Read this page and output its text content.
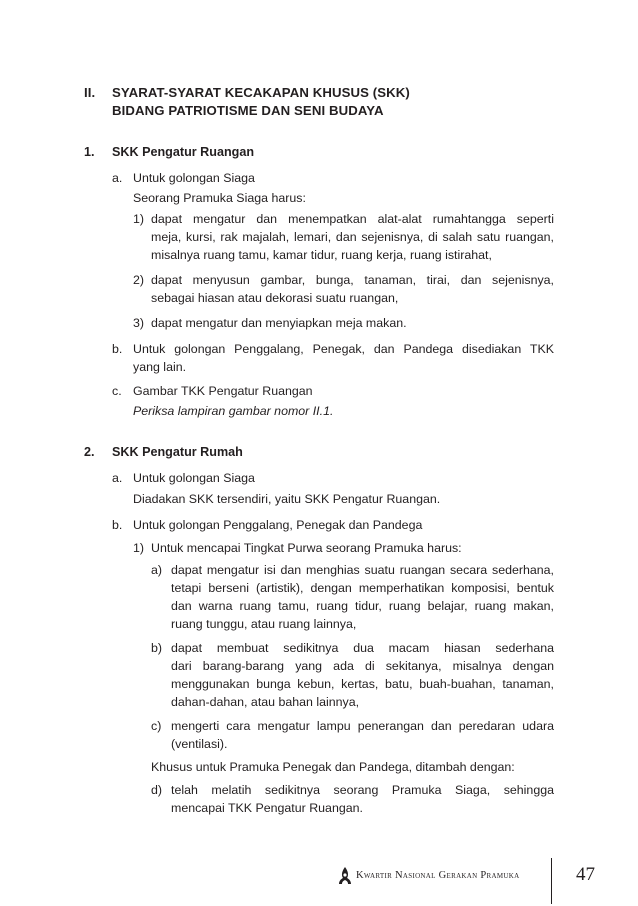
II. SYARAT-SYARAT KECAKAPAN KHUSUS (SKK)
BIDANG PATRIOTISME DAN SENI BUDAYA
1. SKK Pengatur Ruangan
a. Untuk golongan Siaga
Seorang Pramuka Siaga harus:
1) dapat mengatur dan menempatkan alat-alat rumahtangga seperti
meja, kursi, rak majalah, lemari, dan sejenisnya, di salah satu ruangan,
misalnya ruang tamu, kamar tidur, ruang kerja, ruang istirahat,
2) dapat menyusun gambar, bunga, tanaman, tirai, dan sejenisnya,
sebagai hiasan atau dekorasi suatu ruangan,
3) dapat mengatur dan menyiapkan meja makan.
b. Untuk golongan Penggalang, Penegak, dan Pandega disediakan TKK
yang lain.
c. Gambar TKK Pengatur Ruangan
Periksa lampiran gambar nomor II.1.
2. SKK Pengatur Rumah
a. Untuk golongan Siaga
Diadakan SKK tersendiri, yaitu SKK Pengatur Ruangan.
b. Untuk golongan Penggalang, Penegak dan Pandega
1) Untuk mencapai Tingkat Purwa seorang Pramuka harus:
a) dapat mengatur isi dan menghias suatu ruangan secara sederhana,
tetapi berseni (artistik), dengan memperhatikan komposisi, bentuk
dan warna ruang tamu, ruang tidur, ruang belajar, ruang makan,
ruang tunggu, atau ruang lainnya,
b) dapat membuat sedikitnya dua macam hiasan sederhana
dari barang-barang yang ada di sekitanya, misalnya dengan
menggunakan bunga kebun, kertas, batu, buah-buahan, tanaman,
dahan-dahan, atau bahan lainnya,
c) mengerti cara mengatur lampu penerangan dan peredaran udara
(ventilasi).
Khusus untuk Pramuka Penegak dan Pandega, ditambah dengan:
d) telah melatih sedikitnya seorang Pramuka Siaga, sehingga
mencapai TKK Pengatur Ruangan.
Kwartir Nasional Gerakan Pramuka	47
